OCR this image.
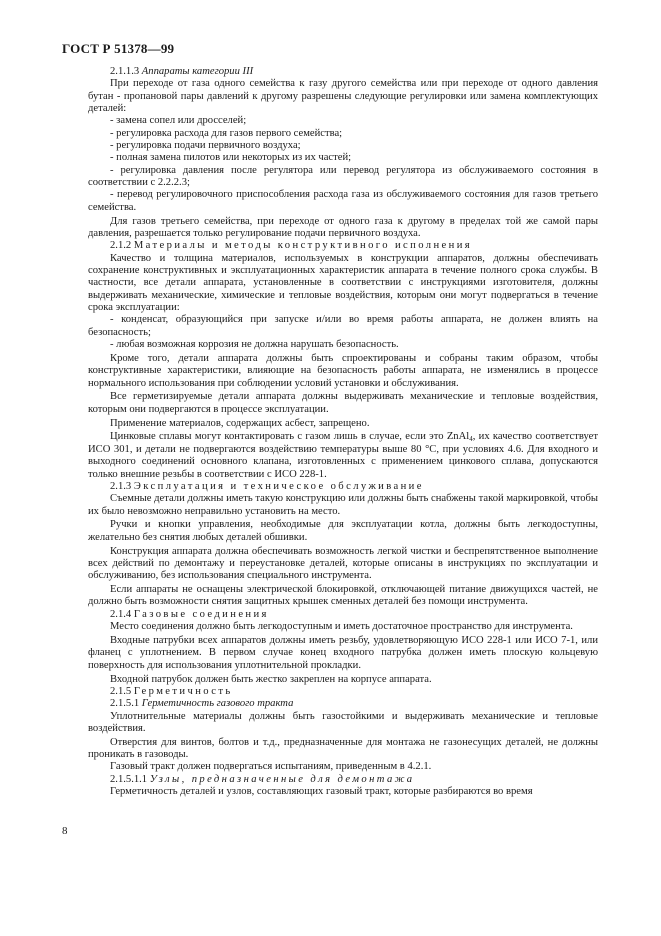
ГОСТ Р 51378—99

2.1.1.3 Аппараты категории III

При переходе от газа одного семейства к газу другого семейства или при переходе от одного давления бутан - пропановой пары давлений к другому разрешены следующие регулировки или замена комплектующих деталей:

- замена сопел или дросселей;

- регулировка расхода для газов первого семейства;

- регулировка подачи первичного воздуха;

- полная замена пилотов или некоторых из их частей;

- регулировка давления после регулятора или перевод регулятора из обслуживаемого состояния в соответствии с 2.2.2.3;

- перевод регулировочного приспособления расхода газа из обслуживаемого состояния для газов третьего семейства.

Для газов третьего семейства, при переходе от одного газа к другому в пределах той же самой пары давления, разрешается только регулирование подачи первичного воздуха.

2.1.2 Материалы и методы конструктивного исполнения

Качество и толщина материалов, используемых в конструкции аппаратов, должны обеспечивать сохранение конструктивных и эксплуатационных характеристик аппарата в течение полного срока службы. В частности, все детали аппарата, установленные в соответствии с инструкциями изготовителя, должны выдерживать механические, химические и тепловые воздействия, которым они могут подвергаться в течение срока эксплуатации:

- конденсат, образующийся при запуске и/или во время работы аппарата, не должен влиять на безопасность;

- любая возможная коррозия не должна нарушать безопасность.

Кроме того, детали аппарата должны быть спроектированы и собраны таким образом, чтобы конструктивные характеристики, влияющие на безопасность работы аппарата, не изменялись в процессе нормального использования при соблюдении условий установки и обслуживания.

Все герметизируемые детали аппарата должны выдерживать механические и тепловые воздействия, которым они подвергаются в процессе эксплуатации.

Применение материалов, содержащих асбест, запрещено.

Цинковые сплавы могут контактировать с газом лишь в случае, если это ZnAl$_4$, их качество соответствует ИСО 301, и детали не подвергаются воздействию температуры выше 80 °С, при условиях 4.6. Для входного и выходного соединений основного клапана, изготовленных с применением цинкового сплава, допускаются только внешние резьбы в соответствии с ИСО 228-1.

2.1.3 Эксплуатация и техническое обслуживание

Съемные детали должны иметь такую конструкцию или должны быть снабжены такой маркировкой, чтобы их было невозможно неправильно установить на место.

Ручки и кнопки управления, необходимые для эксплуатации котла, должны быть легкодоступны, желательно без снятия любых деталей обшивки.

Конструкция аппарата должна обеспечивать возможность легкой чистки и беспрепятственное выполнение всех действий по демонтажу и переустановке деталей, которые описаны в инструкциях по эксплуатации и обслуживанию, без использования специального инструмента.

Если аппараты не оснащены электрической блокировкой, отключающей питание движущихся частей, не должно быть возможности снятия защитных крышек сменных деталей без помощи инструмента.

2.1.4 Газовые соединения

Место соединения должно быть легкодоступным и иметь достаточное пространство для инструмента.

Входные патрубки всех аппаратов должны иметь резьбу, удовлетворяющую ИСО 228-1 или ИСО 7-1, или фланец с уплотнением. В первом случае конец входного патрубка должен иметь плоскую кольцевую поверхность для использования уплотнительной прокладки.

Входной патрубок должен быть жестко закреплен на корпусе аппарата.

2.1.5 Герметичность

2.1.5.1 Герметичность газового тракта

Уплотнительные материалы должны быть газостойкими и выдерживать механические и тепловые воздействия.

Отверстия для винтов, болтов и т.д., предназначенные для монтажа не газонесущих деталей, не должны проникать в газоводы.

Газовый тракт должен подвергаться испытаниям, приведенным в 4.2.1.

2.1.5.1.1 Узлы, предназначенные для демонтажа

Герметичность деталей и узлов, составляющих газовый тракт, которые разбираются во время

8
